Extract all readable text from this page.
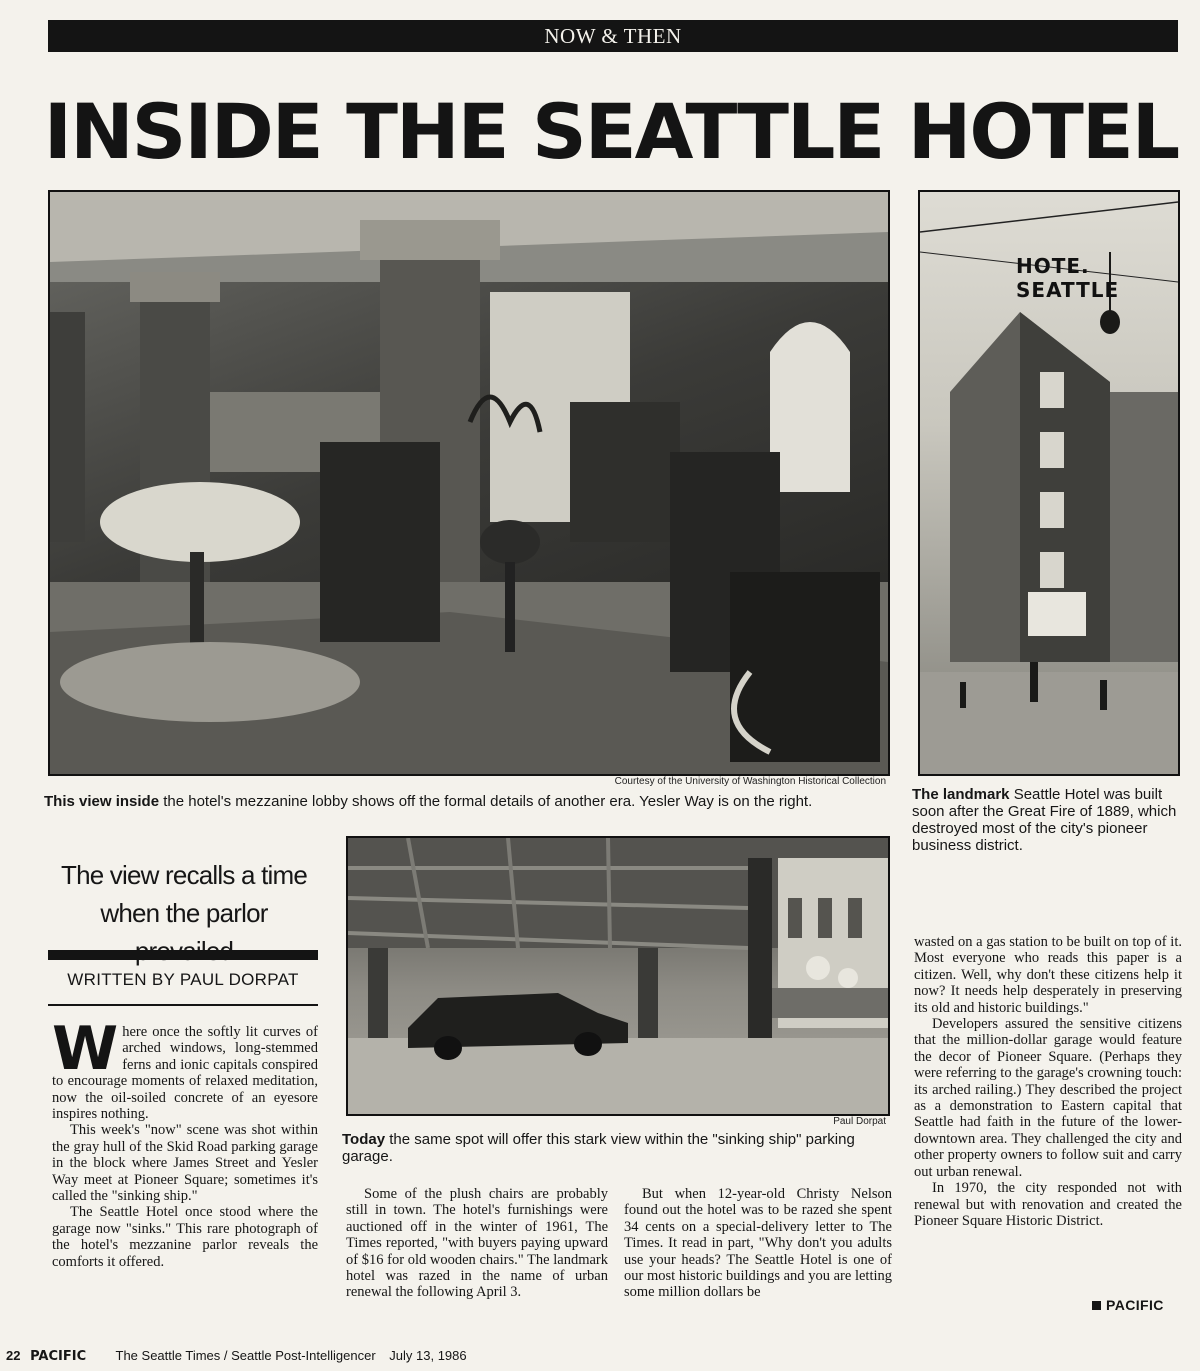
NOW & THEN
INSIDE THE SEATTLE HOTEL
Courtesy of the University of Washington Historical Collection
This view inside the hotel's mezzanine lobby shows off the formal details of another era. Yesler Way is on the right.
HOTE.
SEATTLE
The landmark Seattle Hotel was built soon after the Great Fire of 1889, which destroyed most of the city's pioneer business district.
The view recalls a time
when the parlor
WRITTEN BY PAUL DORPAT
Paul Dorpat
Today the same spot will offer this stark view within the "sinking ship" parking garage.

Where once the softly lit curves of arched windows, long-stemmed ferns and ionic capitals conspired to encourage moments of relaxed meditation, now the oil-soiled concrete of an eyesore inspires nothing.

This week's "now" scene was shot within the gray hull of the Skid Road parking garage in the block where James Street and Yesler Way meet at Pioneer Square; sometimes it's called the "sinking ship."

The Seattle Hotel once stood where the garage now "sinks." This rare photograph of the hotel's mezzanine parlor reveals the comforts it offered.

Some of the plush chairs are probably still in town. The hotel's furnishings were auctioned off in the winter of 1961, The Times reported, "with buyers paying upward of $16 for old wooden chairs." The landmark hotel was razed in the name of urban renewal the following April 3.

But when 12-year-old Christy Nelson found out the hotel was to be razed she spent 34 cents on a special-delivery letter to The Times. It read in part, "Why don't you adults use your heads? The Seattle Hotel is one of our most historic buildings and you are letting some million dollars be

wasted on a gas station to be built on top of it. Most everyone who reads this paper is a citizen. Well, why don't these citizens help it now? It needs help desperately in preserving its old and historic buildings."

Developers assured the sensitive citizens that the million-dollar garage would feature the decor of Pioneer Square. (Perhaps they were referring to the garage's crowning touch: its arched railing.) They described the project as a demonstration to Eastern capital that Seattle had faith in the future of the lower-downtown area. They challenged the city and other property owners to follow suit and carry out urban renewal.

In 1970, the city responded not with renewal but with renovation and created the Pioneer Square Historic District.

PACIFIC
22 PACIFIC The Seattle Times / Seattle Post-Intelligencer July 13, 1986
